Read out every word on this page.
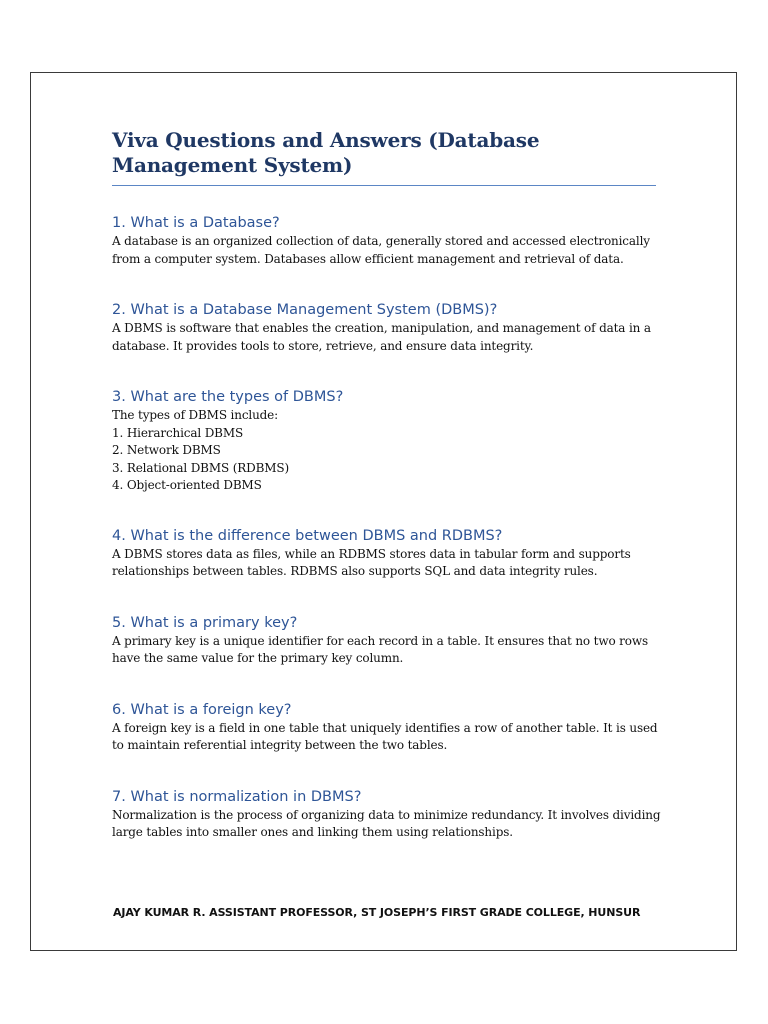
Viva Questions and Answers (Database Management System)
1. What is a Database?

A database is an organized collection of data, generally stored and accessed electronically from a computer system. Databases allow efficient management and retrieval of data.

2. What is a Database Management System (DBMS)?

A DBMS is software that enables the creation, manipulation, and management of data in a database. It provides tools to store, retrieve, and ensure data integrity.

3. What are the types of DBMS?

The types of DBMS include:
1. Hierarchical DBMS
2. Network DBMS
3. Relational DBMS (RDBMS)
4. Object-oriented DBMS

4. What is the difference between DBMS and RDBMS?

A DBMS stores data as files, while an RDBMS stores data in tabular form and supports relationships between tables. RDBMS also supports SQL and data integrity rules.

5. What is a primary key?

A primary key is a unique identifier for each record in a table. It ensures that no two rows have the same value for the primary key column.

6. What is a foreign key?

A foreign key is a field in one table that uniquely identifies a row of another table. It is used to maintain referential integrity between the two tables.

7. What is normalization in DBMS?

Normalization is the process of organizing data to minimize redundancy. It involves dividing large tables into smaller ones and linking them using relationships.

AJAY KUMAR R. ASSISTANT PROFESSOR, ST JOSEPH’S FIRST GRADE COLLEGE, HUNSUR
